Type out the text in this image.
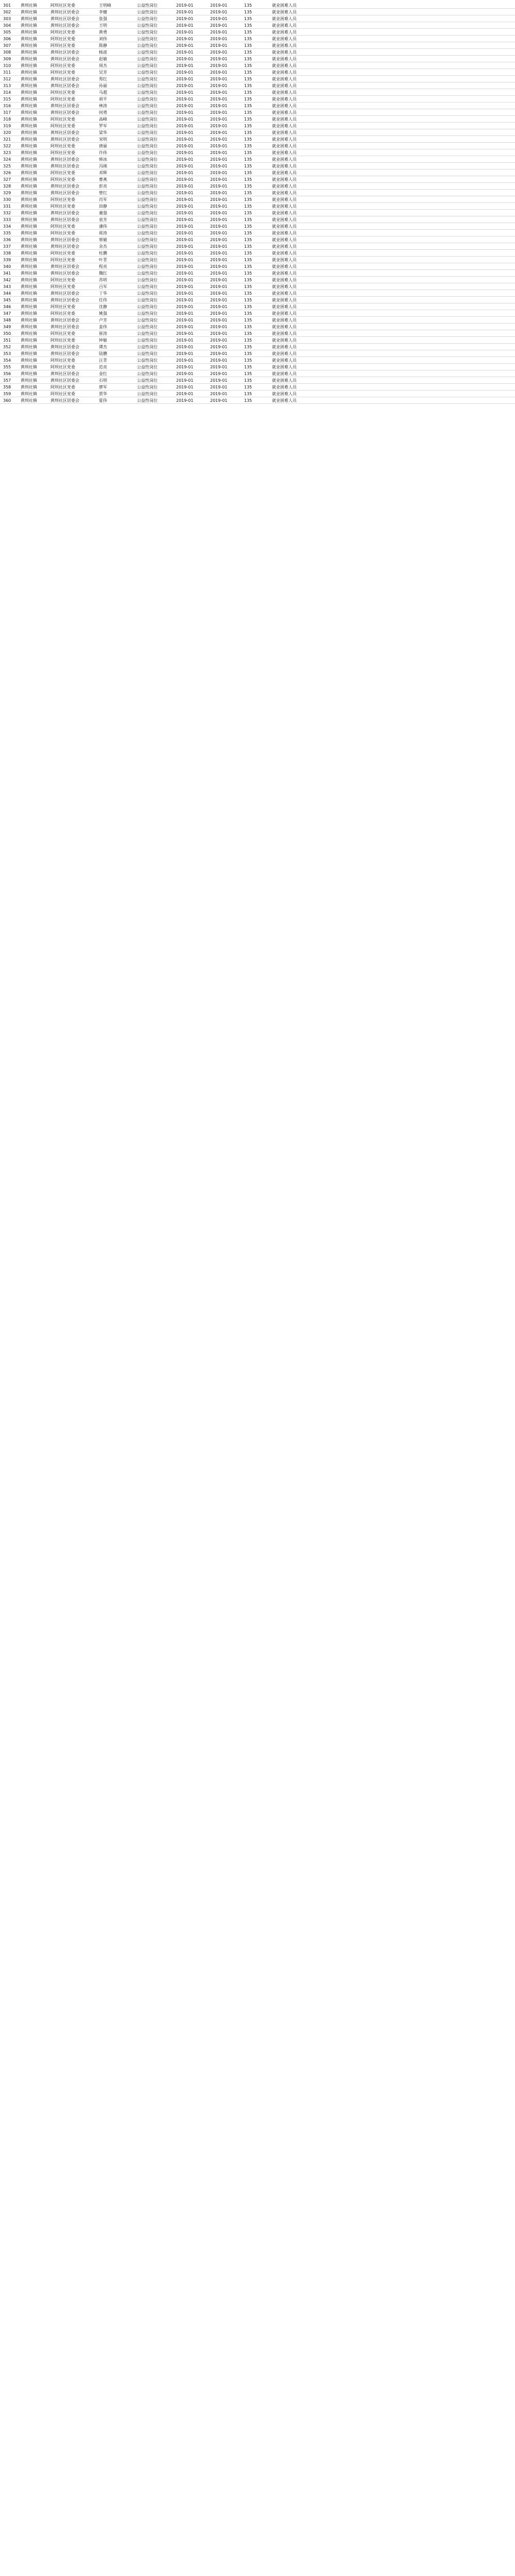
301	黄圳社镇	阿坝社区党委	王明峰	公益性岗位	2019-01	2019-01	135	就业困难人员
302	黄圳社镇	黄圳社区居委会	李健	公益性岗位	2019-01	2019-01	135	就业困难人员
303	黄圳社镇	黄圳社区居委会	张强	公益性岗位	2019-01	2019-01	135	就业困难人员
304	黄圳社镇	黄圳社区居委会	王明	公益性岗位	2019-01	2019-01	135	就业困难人员
305	黄圳社镇	阿坝社区党委	黄勇	公益性岗位	2019-01	2019-01	135	就业困难人员
306	黄圳社镇	阿坝社区党委	刘伟	公益性岗位	2019-01	2019-01	135	就业困难人员
307	黄圳社镇	阿坝社区党委	陈静	公益性岗位	2019-01	2019-01	135	就业困难人员
308	黄圳社镇	黄圳社区居委会	杨波	公益性岗位	2019-01	2019-01	135	就业困难人员
309	黄圳社镇	黄圳社区居委会	赵敏	公益性岗位	2019-01	2019-01	135	就业困难人员
310	黄圳社镇	阿坝社区党委	周杰	公益性岗位	2019-01	2019-01	135	就业困难人员
311	黄圳社镇	阿坝社区党委	吴芳	公益性岗位	2019-01	2019-01	135	就业困难人员
312	黄圳社镇	黄圳社区居委会	郑红	公益性岗位	2019-01	2019-01	135	就业困难人员
313	黄圳社镇	黄圳社区居委会	孙丽	公益性岗位	2019-01	2019-01	135	就业困难人员
314	黄圳社镇	阿坝社区党委	马超	公益性岗位	2019-01	2019-01	135	就业困难人员
315	黄圳社镇	阿坝社区党委	胡平	公益性岗位	2019-01	2019-01	135	就业困难人员
316	黄圳社镇	黄圳社区居委会	林涛	公益性岗位	2019-01	2019-01	135	就业困难人员
317	黄圳社镇	黄圳社区居委会	何勇	公益性岗位	2019-01	2019-01	135	就业困难人员
318	黄圳社镇	阿坝社区党委	高峰	公益性岗位	2019-01	2019-01	135	就业困难人员
319	黄圳社镇	阿坝社区党委	罗军	公益性岗位	2019-01	2019-01	135	就业困难人员
320	黄圳社镇	黄圳社区居委会	梁华	公益性岗位	2019-01	2019-01	135	就业困难人员
321	黄圳社镇	黄圳社区居委会	宋明	公益性岗位	2019-01	2019-01	135	就业困难人员
322	黄圳社镇	阿坝社区党委	唐丽	公益性岗位	2019-01	2019-01	135	就业困难人员
323	黄圳社镇	阿坝社区党委	许伟	公益性岗位	2019-01	2019-01	135	就业困难人员
324	黄圳社镇	黄圳社区居委会	韩冰	公益性岗位	2019-01	2019-01	135	就业困难人员
325	黄圳社镇	黄圳社区居委会	冯刚	公益性岗位	2019-01	2019-01	135	就业困难人员
326	黄圳社镇	阿坝社区党委	邓辉	公益性岗位	2019-01	2019-01	135	就业困难人员
327	黄圳社镇	阿坝社区党委	曹燕	公益性岗位	2019-01	2019-01	135	就业困难人员
328	黄圳社镇	黄圳社区居委会	彭亮	公益性岗位	2019-01	2019-01	135	就业困难人员
329	黄圳社镇	黄圳社区居委会	曾红	公益性岗位	2019-01	2019-01	135	就业困难人员
330	黄圳社镇	阿坝社区党委	肖军	公益性岗位	2019-01	2019-01	135	就业困难人员
331	黄圳社镇	阿坝社区党委	田静	公益性岗位	2019-01	2019-01	135	就业困难人员
332	黄圳社镇	黄圳社区居委会	董强	公益性岗位	2019-01	2019-01	135	就业困难人员
333	黄圳社镇	黄圳社区居委会	袁芳	公益性岗位	2019-01	2019-01	135	就业困难人员
334	黄圳社镇	阿坝社区党委	潘伟	公益性岗位	2019-01	2019-01	135	就业困难人员
335	黄圳社镇	阿坝社区党委	蒋涛	公益性岗位	2019-01	2019-01	135	就业困难人员
336	黄圳社镇	黄圳社区居委会	蔡敏	公益性岗位	2019-01	2019-01	135	就业困难人员
337	黄圳社镇	黄圳社区居委会	余杰	公益性岗位	2019-01	2019-01	135	就业困难人员
338	黄圳社镇	阿坝社区党委	杜鹏	公益性岗位	2019-01	2019-01	135	就业困难人员
339	黄圳社镇	阿坝社区党委	叶青	公益性岗位	2019-01	2019-01	135	就业困难人员
340	黄圳社镇	黄圳社区居委会	程亮	公益性岗位	2019-01	2019-01	135	就业困难人员
341	黄圳社镇	黄圳社区居委会	魏红	公益性岗位	2019-01	2019-01	135	就业困难人员
342	黄圳社镇	阿坝社区党委	苏明	公益性岗位	2019-01	2019-01	135	就业困难人员
343	黄圳社镇	阿坝社区党委	吕军	公益性岗位	2019-01	2019-01	135	就业困难人员
344	黄圳社镇	黄圳社区居委会	丁华	公益性岗位	2019-01	2019-01	135	就业困难人员
345	黄圳社镇	黄圳社区居委会	任伟	公益性岗位	2019-01	2019-01	135	就业困难人员
346	黄圳社镇	阿坝社区党委	沈静	公益性岗位	2019-01	2019-01	135	就业困难人员
347	黄圳社镇	阿坝社区党委	姚强	公益性岗位	2019-01	2019-01	135	就业困难人员
348	黄圳社镇	黄圳社区居委会	卢芳	公益性岗位	2019-01	2019-01	135	就业困难人员
349	黄圳社镇	黄圳社区居委会	姜伟	公益性岗位	2019-01	2019-01	135	就业困难人员
350	黄圳社镇	阿坝社区党委	崔涛	公益性岗位	2019-01	2019-01	135	就业困难人员
351	黄圳社镇	阿坝社区党委	钟敏	公益性岗位	2019-01	2019-01	135	就业困难人员
352	黄圳社镇	黄圳社区居委会	谭杰	公益性岗位	2019-01	2019-01	135	就业困难人员
353	黄圳社镇	黄圳社区居委会	陆鹏	公益性岗位	2019-01	2019-01	135	就业困难人员
354	黄圳社镇	阿坝社区党委	汪青	公益性岗位	2019-01	2019-01	135	就业困难人员
355	黄圳社镇	阿坝社区党委	范亮	公益性岗位	2019-01	2019-01	135	就业困难人员
356	黄圳社镇	黄圳社区居委会	金红	公益性岗位	2019-01	2019-01	135	就业困难人员
357	黄圳社镇	黄圳社区居委会	石明	公益性岗位	2019-01	2019-01	135	就业困难人员
358	黄圳社镇	阿坝社区党委	廖军	公益性岗位	2019-01	2019-01	135	就业困难人员
359	黄圳社镇	阿坝社区党委	贾华	公益性岗位	2019-01	2019-01	135	就业困难人员
360	黄圳社镇	黄圳社区居委会	夏伟	公益性岗位	2019-01	2019-01	135	就业困难人员
